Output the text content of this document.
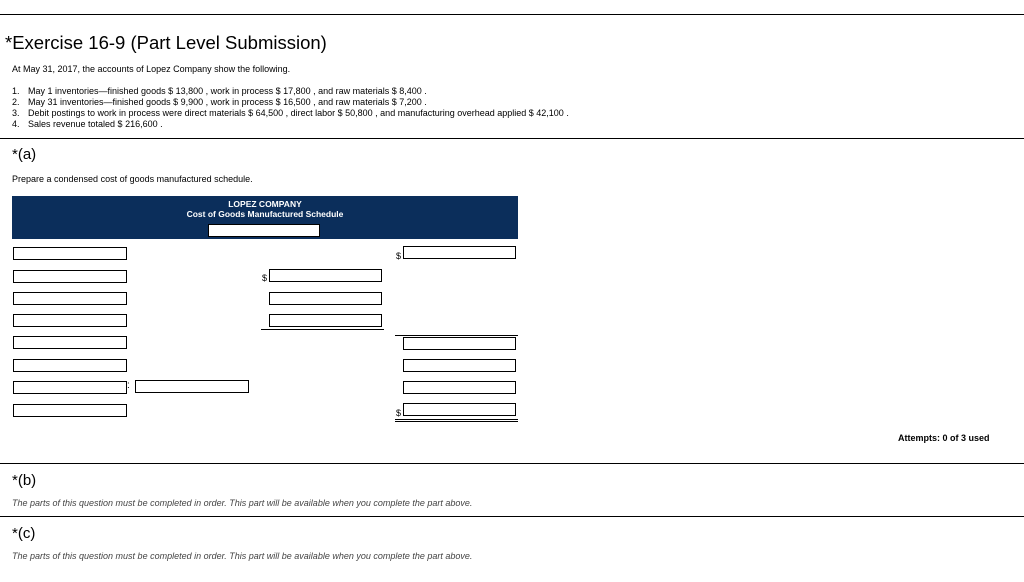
*Exercise 16-9 (Part Level Submission)
At May 31, 2017, the accounts of Lopez Company show the following.
1. May 1 inventories—finished goods $ 13,800 , work in process $ 17,800 , and raw materials $ 8,400 .
2. May 31 inventories—finished goods $ 9,900 , work in process $ 16,500 , and raw materials $ 7,200 .
3. Debit postings to work in process were direct materials $ 64,500 , direct labor $ 50,800 , and manufacturing overhead applied $ 42,100 .
4. Sales revenue totaled $ 216,600 .
*(a)
Prepare a condensed cost of goods manufactured schedule.
LOPEZ COMPANY
Cost of Goods Manufactured Schedule
$
$
:
$
Attempts: 0 of 3 used
*(b)
The parts of this question must be completed in order. This part will be available when you complete the part above.
*(c)
The parts of this question must be completed in order. This part will be available when you complete the part above.
